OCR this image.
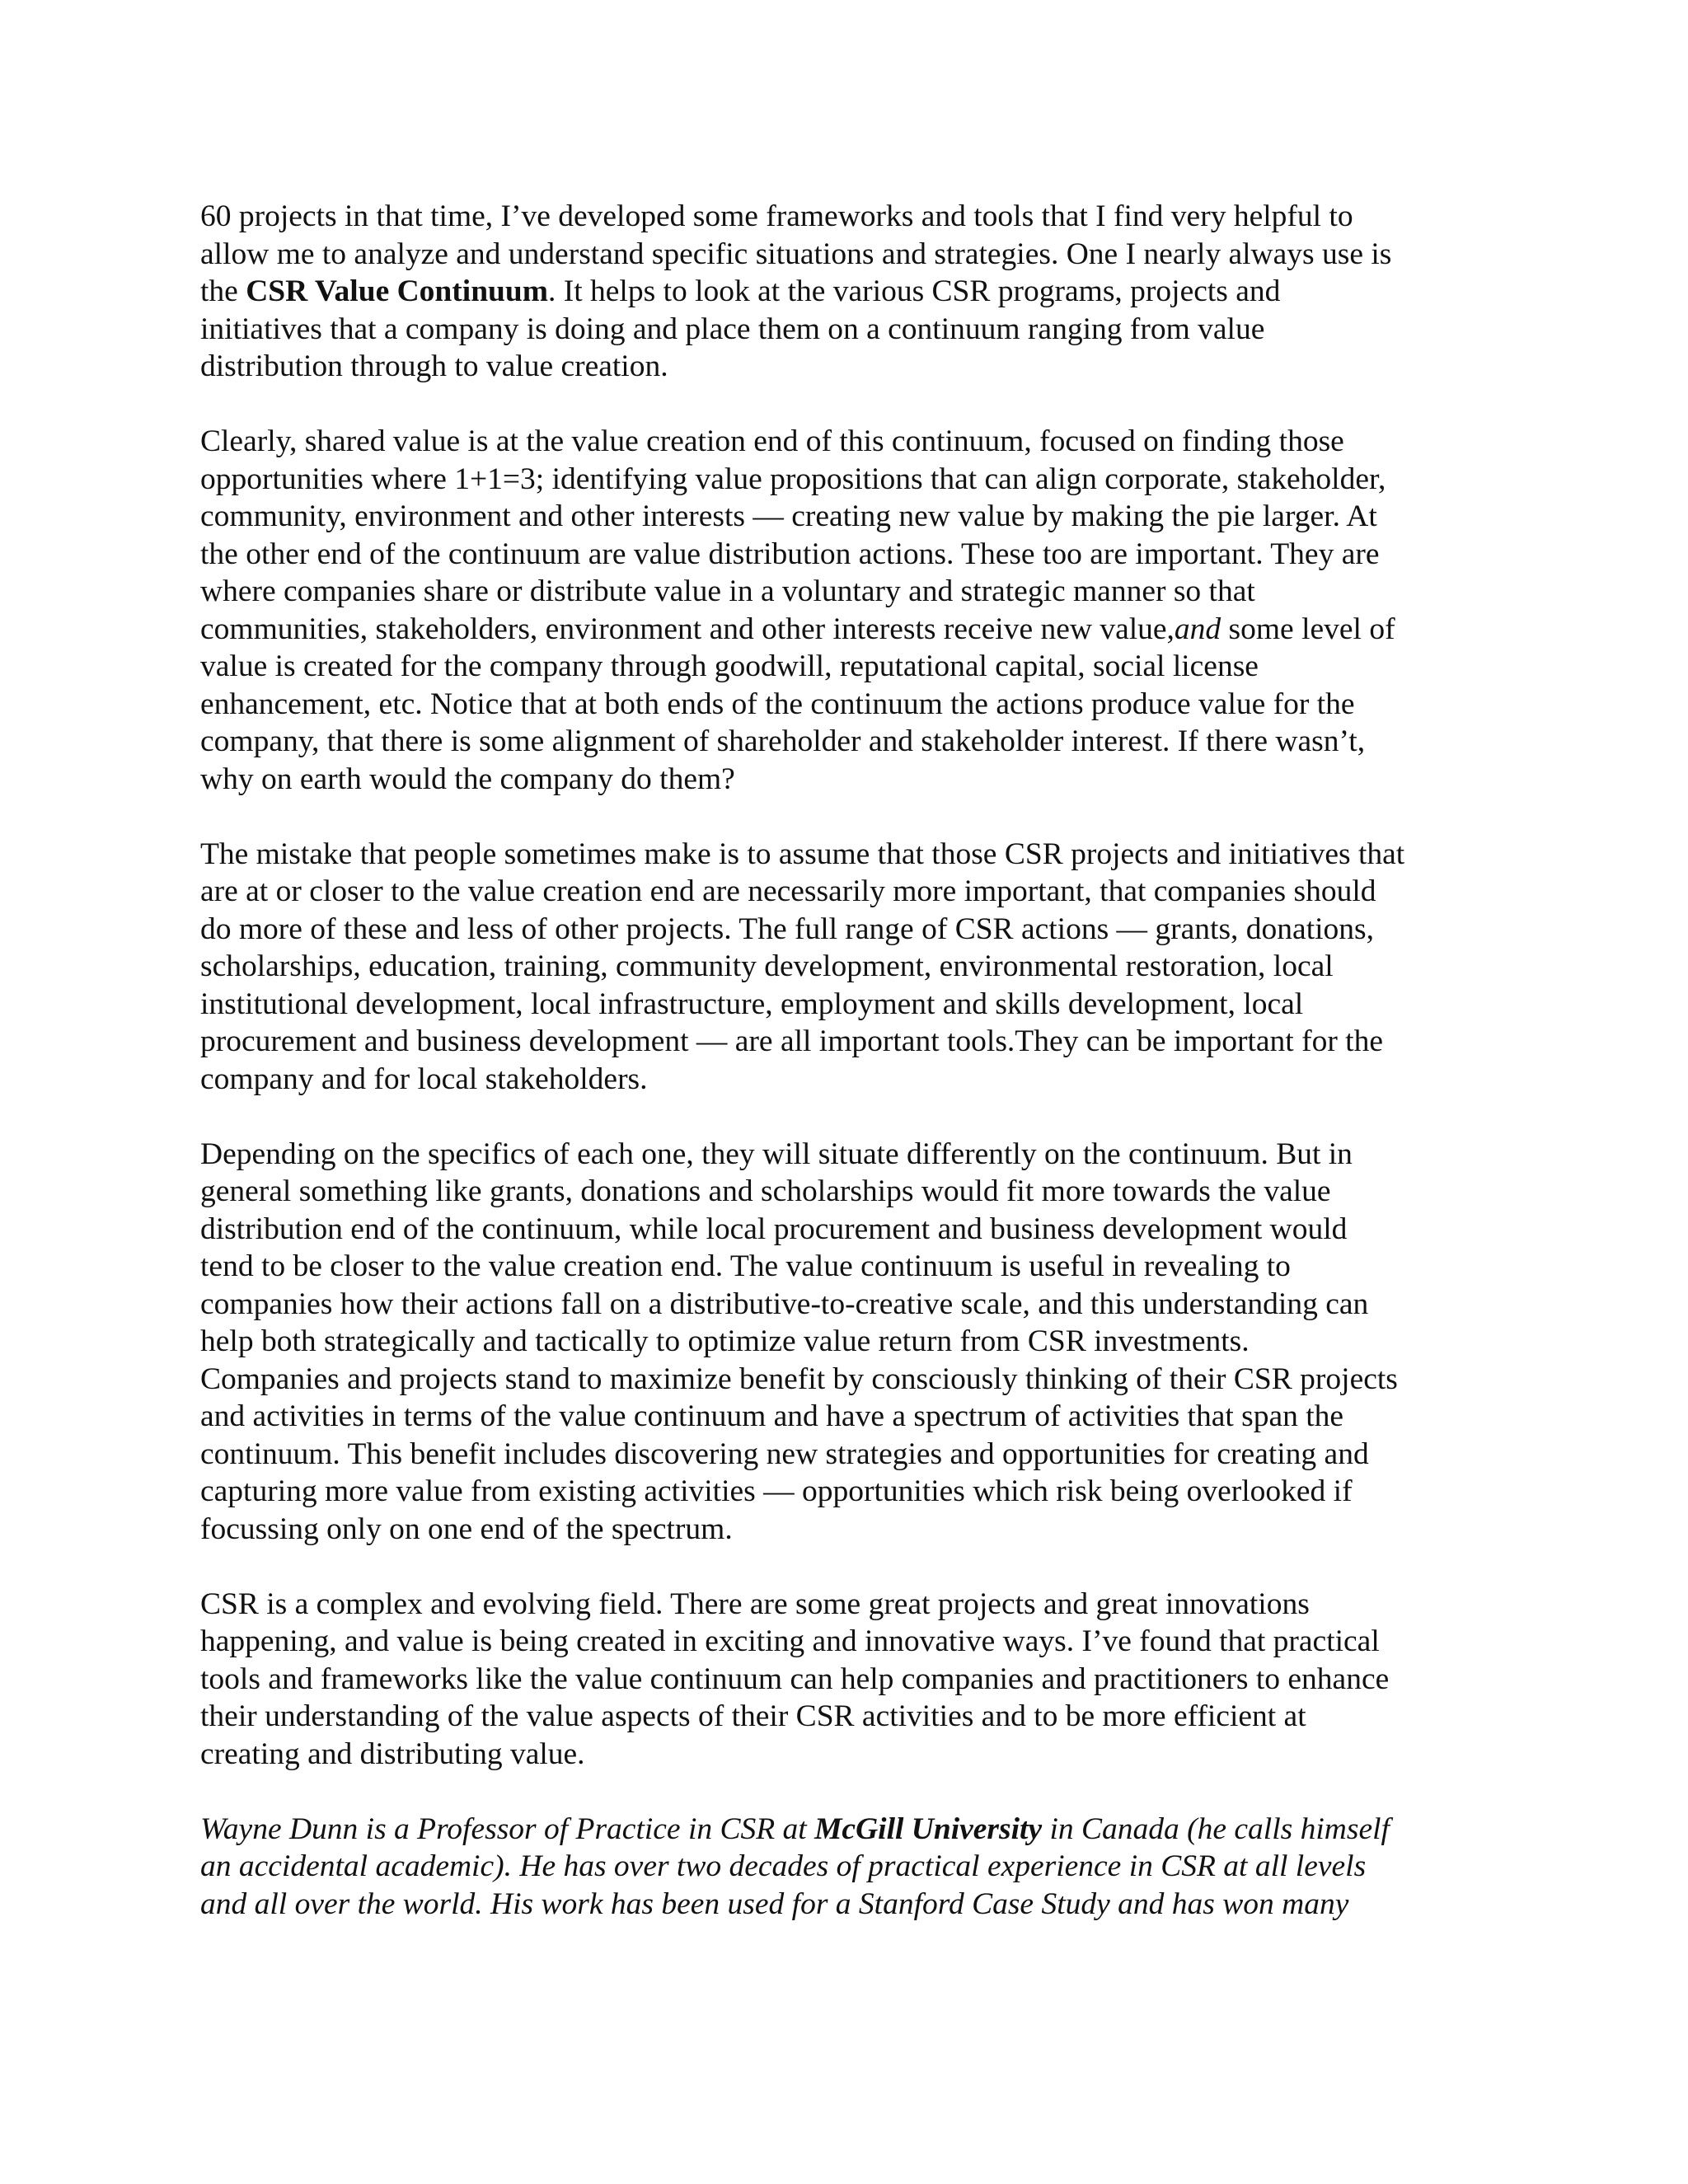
60 projects in that time, I’ve developed some frameworks and tools that I find very helpful to
allow me to analyze and understand specific situations and strategies. One I nearly always use is
the CSR Value Continuum. It helps to look at the various CSR programs, projects and
initiatives that a company is doing and place them on a continuum ranging from value
distribution through to value creation.

Clearly, shared value is at the value creation end of this continuum, focused on finding those
opportunities where 1+1=3; identifying value propositions that can align corporate, stakeholder,
community, environment and other interests — creating new value by making the pie larger. At
the other end of the continuum are value distribution actions. These too are important. They are
where companies share or distribute value in a voluntary and strategic manner so that
communities, stakeholders, environment and other interests receive new value,and some level of
value is created for the company through goodwill, reputational capital, social license
enhancement, etc. Notice that at both ends of the continuum the actions produce value for the
company, that there is some alignment of shareholder and stakeholder interest. If there wasn’t,
why on earth would the company do them?

The mistake that people sometimes make is to assume that those CSR projects and initiatives that
are at or closer to the value creation end are necessarily more important, that companies should
do more of these and less of other projects. The full range of CSR actions — grants, donations,
scholarships, education, training, community development, environmental restoration, local
institutional development, local infrastructure, employment and skills development, local
procurement and business development — are all important tools.They can be important for the
company and for local stakeholders.

Depending on the specifics of each one, they will situate differently on the continuum. But in
general something like grants, donations and scholarships would fit more towards the value
distribution end of the continuum, while local procurement and business development would
tend to be closer to the value creation end. The value continuum is useful in revealing to
companies how their actions fall on a distributive-to-creative scale, and this understanding can
help both strategically and tactically to optimize value return from CSR investments.
Companies and projects stand to maximize benefit by consciously thinking of their CSR projects
and activities in terms of the value continuum and have a spectrum of activities that span the
continuum. This benefit includes discovering new strategies and opportunities for creating and
capturing more value from existing activities — opportunities which risk being overlooked if
focussing only on one end of the spectrum.

CSR is a complex and evolving field. There are some great projects and great innovations
happening, and value is being created in exciting and innovative ways. I’ve found that practical
tools and frameworks like the value continuum can help companies and practitioners to enhance
their understanding of the value aspects of their CSR activities and to be more efficient at
creating and distributing value.

Wayne Dunn is a Professor of Practice in CSR at McGill University in Canada (he calls himself
an accidental academic). He has over two decades of practical experience in CSR at all levels
and all over the world. His work has been used for a Stanford Case Study and has won many
